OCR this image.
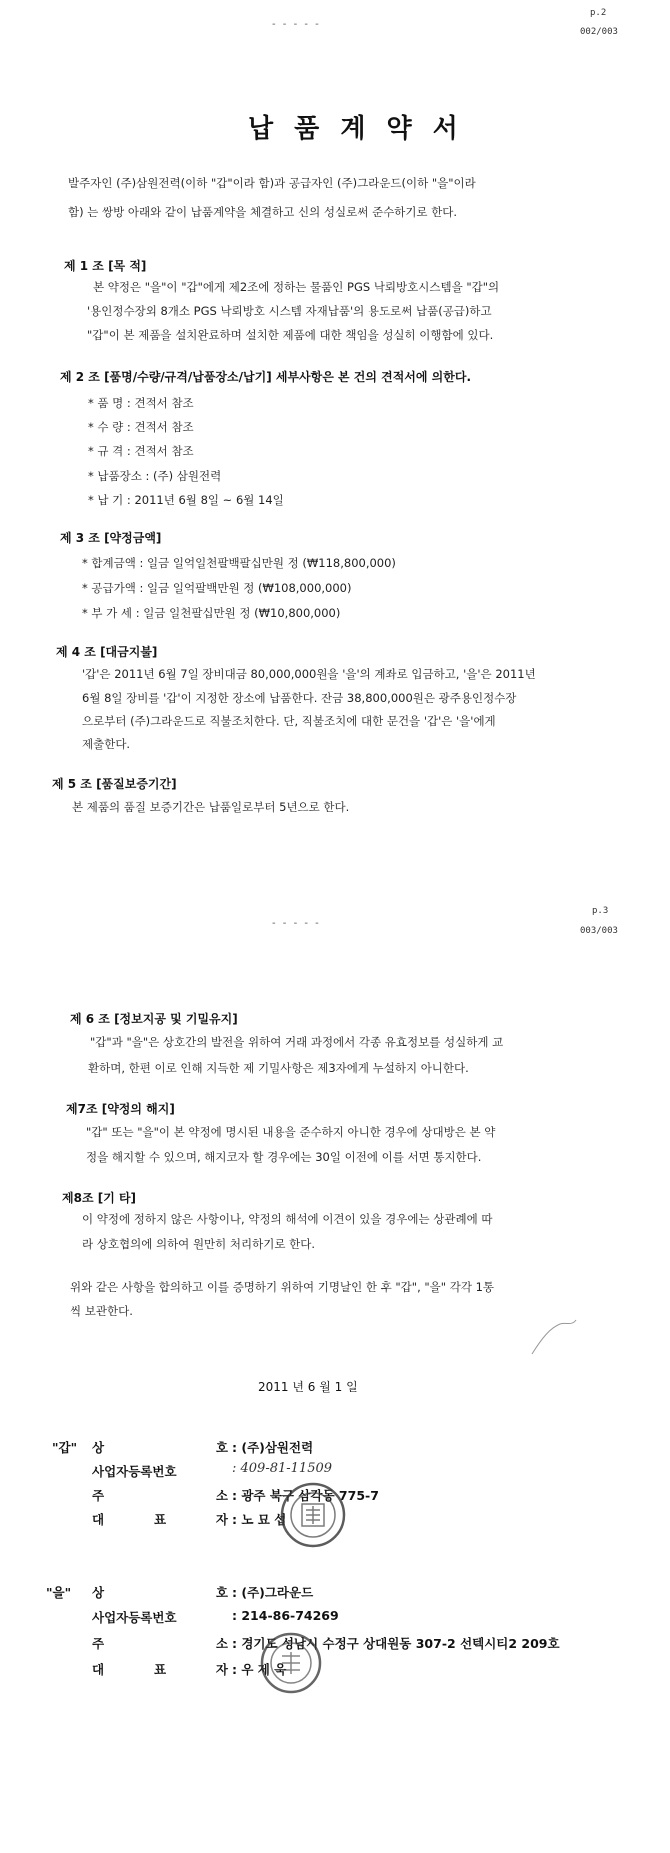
p.2
002/003
- - - - -
납 품 계 약 서
발주자인 (주)삼원전력(이하 "갑"이라 함)과 공급자인 (주)그라운드(이하 "을"이라
함) 는 쌍방 아래와 같이 납품계약을 체결하고 신의 성실로써 준수하기로 한다.
제 1 조 [목 적]
본 약정은 "을"이 "갑"에게 제2조에 정하는 물품인 PGS 낙뢰방호시스템을 "갑"의
'용인정수장외 8개소 PGS 낙뢰방호 시스템 자재납품'의 용도로써 납품(공급)하고
"갑"이 본 제품을 설치완료하며 설치한 제품에 대한 책임을 성실히 이행함에 있다.
제 2 조 [품명/수량/규격/납품장소/납기] 세부사항은 본 건의 견적서에 의한다.
* 품 명 : 견적서 참조
* 수 량 : 견적서 참조
* 규 격 : 견적서 참조
* 납품장소 : (주) 삼원전력
* 납 기 : 2011년 6월 8일 ~ 6월 14일
제 3 조 [약정금액]
* 합계금액 : 일금 일억일천팔백팔십만원 정 (₩118,800,000)
* 공급가액 : 일금 일억팔백만원 정 (₩108,000,000)
* 부 가 세 : 일금 일천팔십만원 정 (₩10,800,000)
제 4 조 [대금지불]
'갑'은 2011년 6월 7일 장비대금 80,000,000원을 '을'의 계좌로 입금하고, '을'은 2011년
6월 8일 장비를 '갑'이 지정한 장소에 납품한다. 잔금 38,800,000원은 광주용인정수장
으로부터 (주)그라운드로 직불조치한다. 단, 직불조치에 대한 문건을 '갑'은 '을'에게
제출한다.
제 5 조 [품질보증기간]
본 제품의 품질 보증기간은 납품일로부터 5년으로 한다.
p.3
003/003
- - - - -
제 6 조 [정보지공 및 기밀유지]
"갑"과 "을"은 상호간의 발전을 위하여 거래 과정에서 각종 유효정보를 성실하게 교
환하며, 한편 이로 인해 지득한 제 기밀사항은 제3자에게 누설하지 아니한다.
제7조 [약정의 해지]
"갑" 또는 "을"이 본 약정에 명시된 내용을 준수하지 아니한 경우에 상대방은 본 약
정을 해지할 수 있으며, 해지코자 할 경우에는 30일 이전에 이를 서면 통지한다.
제8조 [기 타]
이 약정에 정하지 않은 사항이나, 약정의 해석에 이견이 있을 경우에는 상관례에 따
라 상호협의에 의하여 원만히 처리하기로 한다.
위와 같은 사항을 합의하고 이를 증명하기 위하여 기명날인 한 후 "갑", "을" 각각 1통
씩 보관한다.
2011 년 6 월 1 일
"갑" 상 호 : (주)삼원전력
사업자등록번호	: 409-81-11509
주 소 : 광주 북구 삼각동 775-7
대 표 자 : 노 묘 섭
"을" 상 호 : (주)그라운드
사업자등록번호	: 214-86-74269
주 소 : 경기도 성남시 수정구 상대원동 307-2 선텍시티2 209호
대 표 자 : 우 제 욱
